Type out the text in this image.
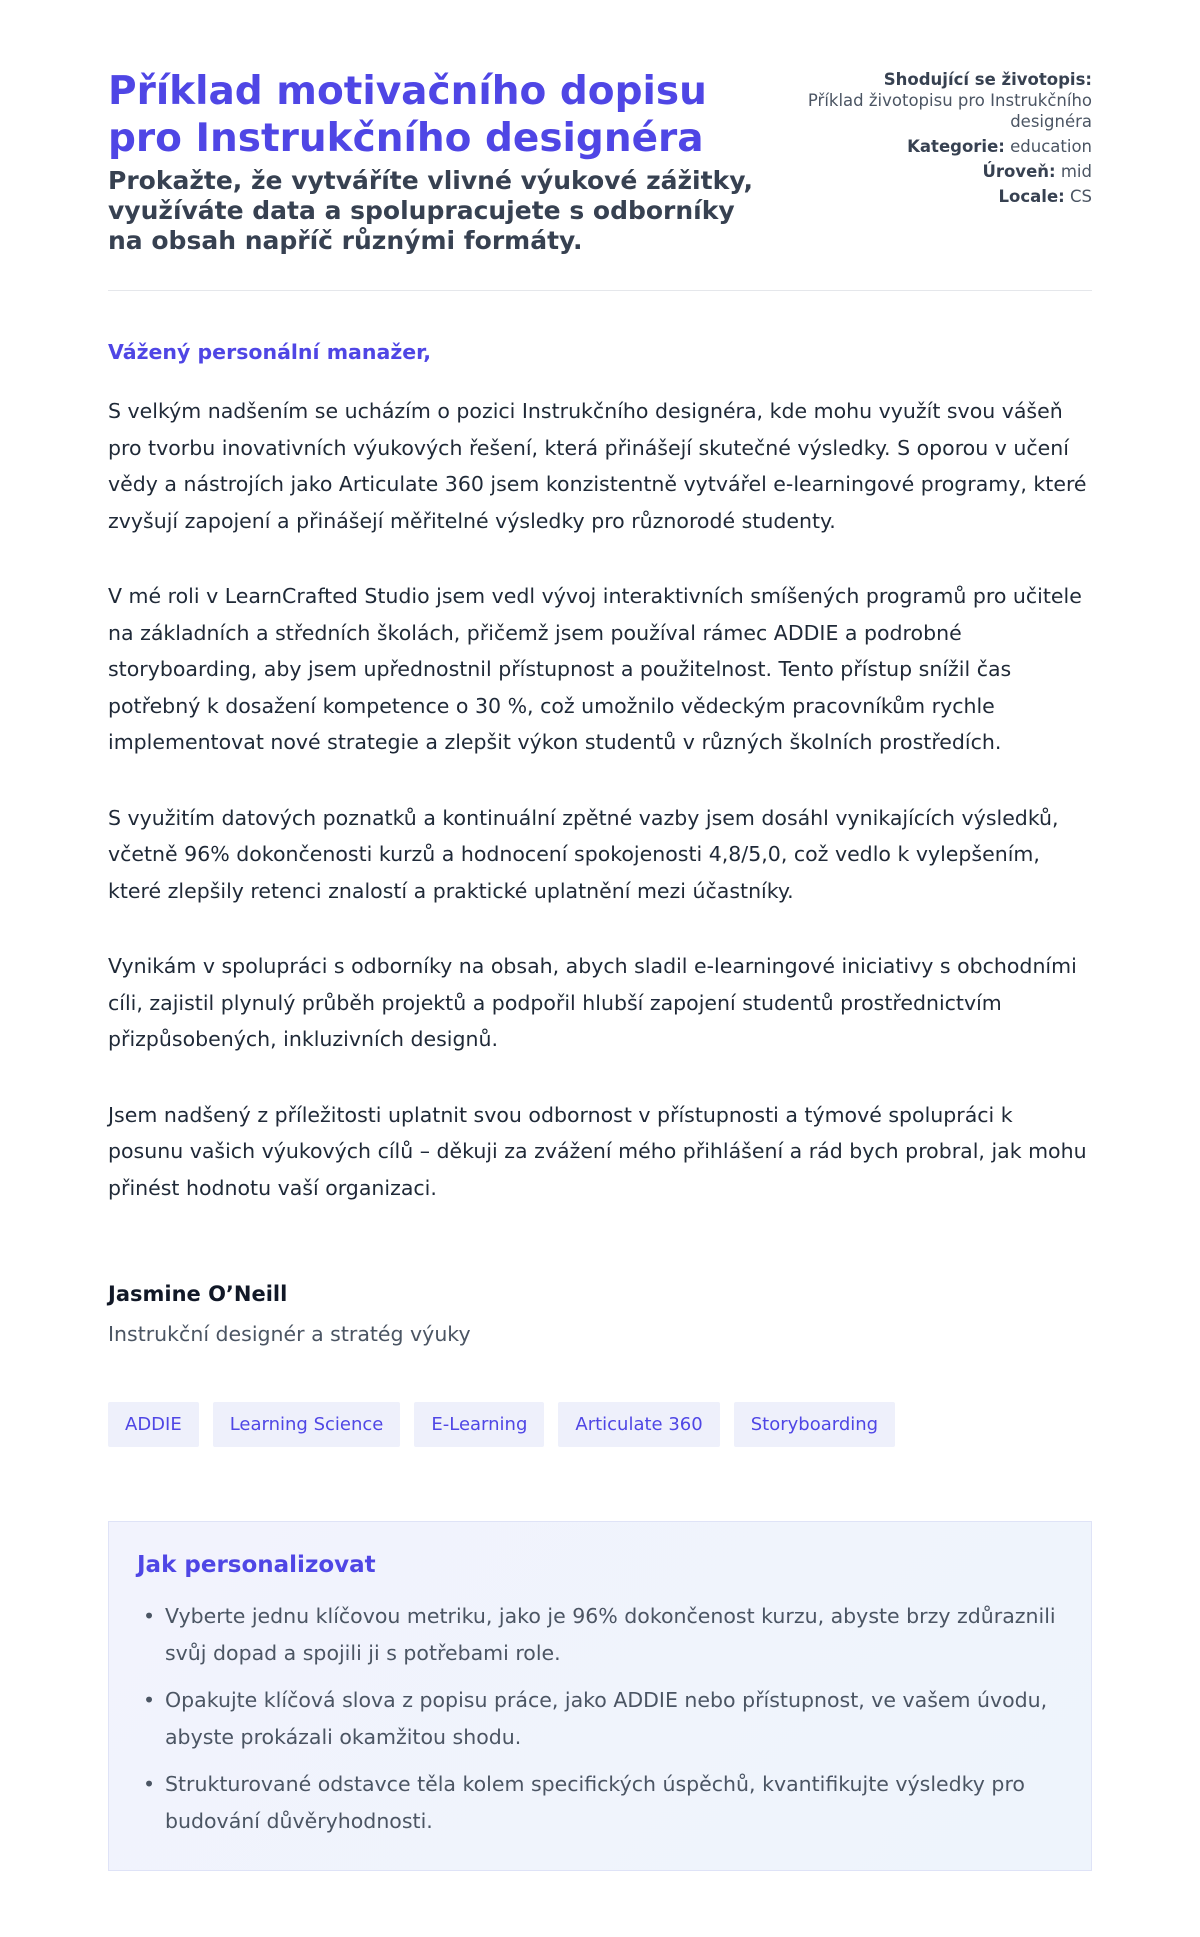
Příklad motivačního dopisu pro Instrukčního designéra

Prokažte, že vytváříte vlivné výukové zážitky, využíváte data a spolupracujete s odborníky na obsah napříč různými formáty.

Shodující se životopis:
Příklad životopisu pro Instrukčního designéra
Kategorie: education
Úroveň: mid
Locale: CS

Vážený personální manažer,

S velkým nadšením se ucházím o pozici Instrukčního designéra, kde mohu využít svou vášeň pro tvorbu inovativních výukových řešení, která přinášejí skutečné výsledky. S oporou v učení vědy a nástrojích jako Articulate 360 jsem konzistentně vytvářel e-learningové programy, které zvyšují zapojení a přinášejí měřitelné výsledky pro různorodé studenty.

V mé roli v LearnCrafted Studio jsem vedl vývoj interaktivních smíšených programů pro učitele na základních a středních školách, přičemž jsem používal rámec ADDIE a podrobné storyboarding, aby jsem upřednostnil přístupnost a použitelnost. Tento přístup snížil čas potřebný k dosažení kompetence o 30 %, což umožnilo vědeckým pracovníkům rychle implementovat nové strategie a zlepšit výkon studentů v různých školních prostředích.

S využitím datových poznatků a kontinuální zpětné vazby jsem dosáhl vynikajících výsledků, včetně 96% dokončenosti kurzů a hodnocení spokojenosti 4,8/5,0, což vedlo k vylepšením, které zlepšily retenci znalostí a praktické uplatnění mezi účastníky.

Vynikám v spolupráci s odborníky na obsah, abych sladil e-learningové iniciativy s obchodními cíli, zajistil plynulý průběh projektů a podpořil hlubší zapojení studentů prostřednictvím přizpůsobených, inkluzivních designů.

Jsem nadšený z příležitosti uplatnit svou odbornost v přístupnosti a týmové spolupráci k posunu vašich výukových cílů – děkuji za zvážení mého přihlášení a rád bych probral, jak mohu přinést hodnotu vaší organizaci.

Jasmine O’Neill

Instrukční designér a stratég výuky

ADDIE	Learning Science	E-Learning	Articulate 360	Storyboarding
Jak personalizovat
• Vyberte jednu klíčovou metriku, jako je 96% dokončenost kurzu, abyste brzy zdůraznili svůj dopad a spojili ji s potřebami role.
• Opakujte klíčová slova z popisu práce, jako ADDIE nebo přístupnost, ve vašem úvodu, abyste prokázali okamžitou shodu.
• Strukturované odstavce těla kolem specifických úspěchů, kvantifikujte výsledky pro budování důvěryhodnosti.
